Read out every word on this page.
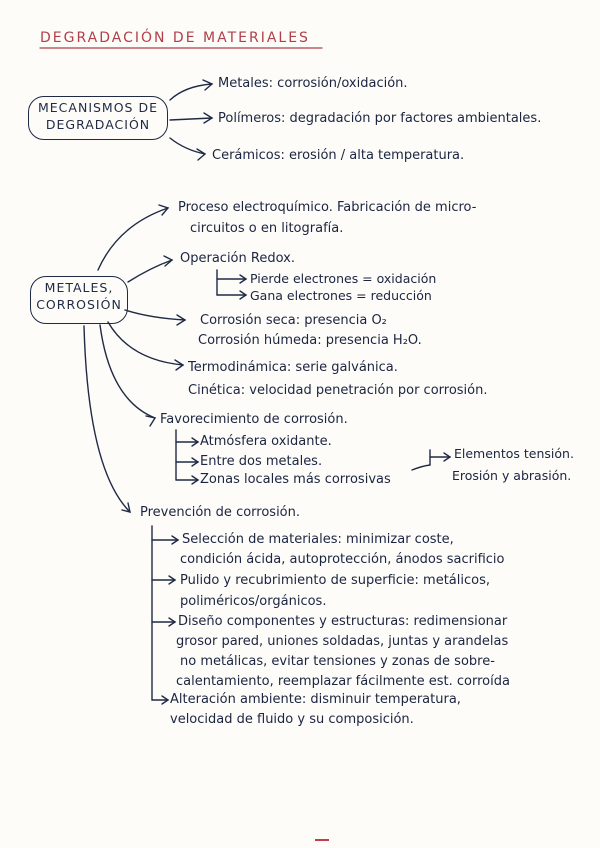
DEGRADACIÓN DE MATERIALES
MECANISMOS DE
DEGRADACIÓN
Metales: corrosión/oxidación.
Polímeros: degradación por factores ambientales.
Cerámicos: erosión / alta temperatura.
METALES,
CORROSIÓN
Proceso electroquímico. Fabricación de micro-
circuitos o en litografía.
Operación Redox.
Pierde electrones = oxidación
Gana electrones = reducción
Corrosión seca: presencia O₂
Corrosión húmeda: presencia H₂O.
Termodinámica: serie galvánica.
Cinética: velocidad penetración por corrosión.
Favorecimiento de corrosión.
Atmósfera oxidante.
Entre dos metales.
Zonas locales más corrosivas
Elementos tensión.
Erosión y abrasión.
Prevención de corrosión.
Selección de materiales: minimizar coste,
condición ácida, autoprotección, ánodos sacrificio
Pulido y recubrimiento de superficie: metálicos,
poliméricos/orgánicos.
Diseño componentes y estructuras: redimensionar
grosor pared, uniones soldadas, juntas y arandelas
no metálicas, evitar tensiones y zonas de sobre-
calentamiento, reemplazar fácilmente est. corroída
Alteración ambiente: disminuir temperatura,
velocidad de fluido y su composición.
